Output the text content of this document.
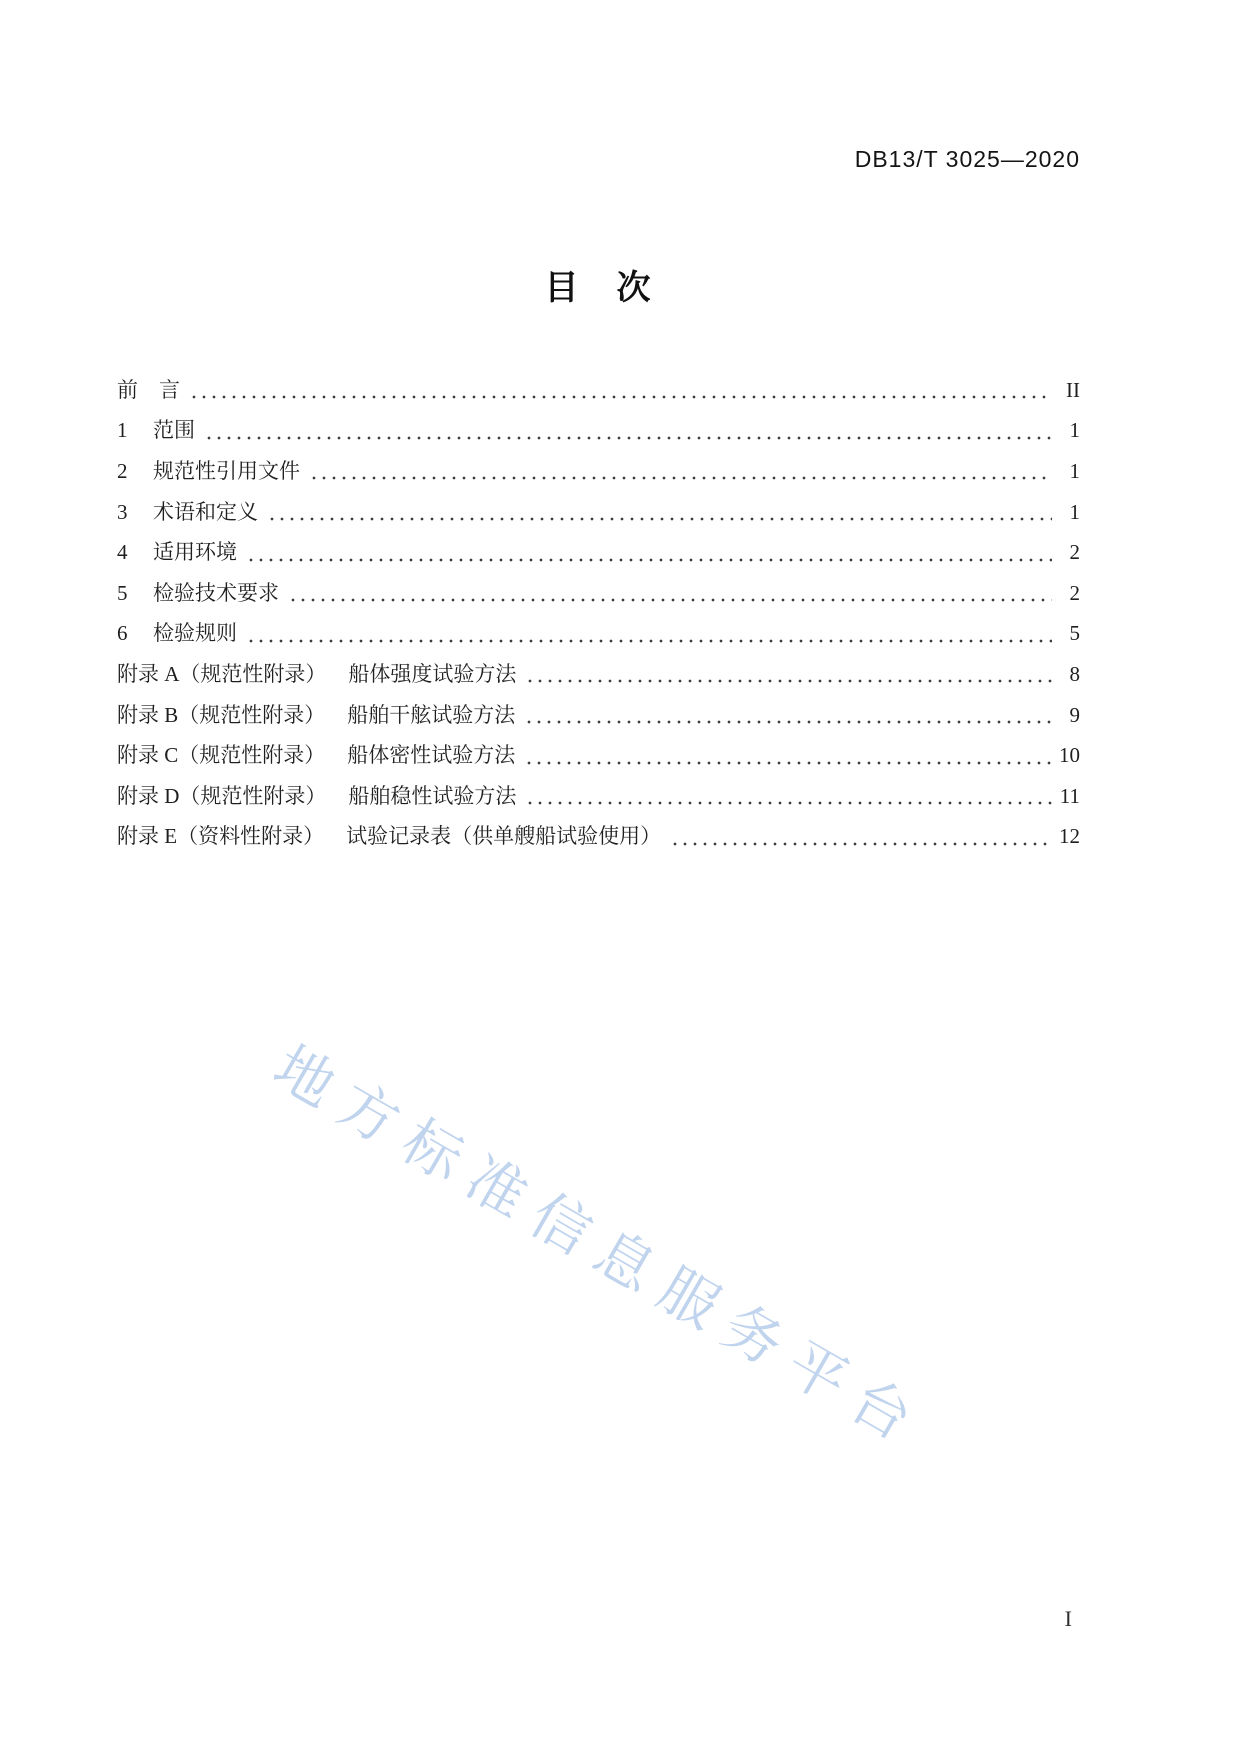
DB13/T 3025—2020
目　次
前　言	II
1	范围	1
2	规范性引用文件	1
3	术语和定义	1
4	适用环境	2
5	检验技术要求	2
6	检验规则	5
附录 A（规范性附录） 船体强度试验方法	8
附录 B（规范性附录） 船舶干舷试验方法	9
附录 C（规范性附录） 船体密性试验方法	10
附录 D（规范性附录） 船舶稳性试验方法	11
附录 E（资料性附录） 试验记录表（供单艘船试验使用）	12
地方标准信息服务平台
I
